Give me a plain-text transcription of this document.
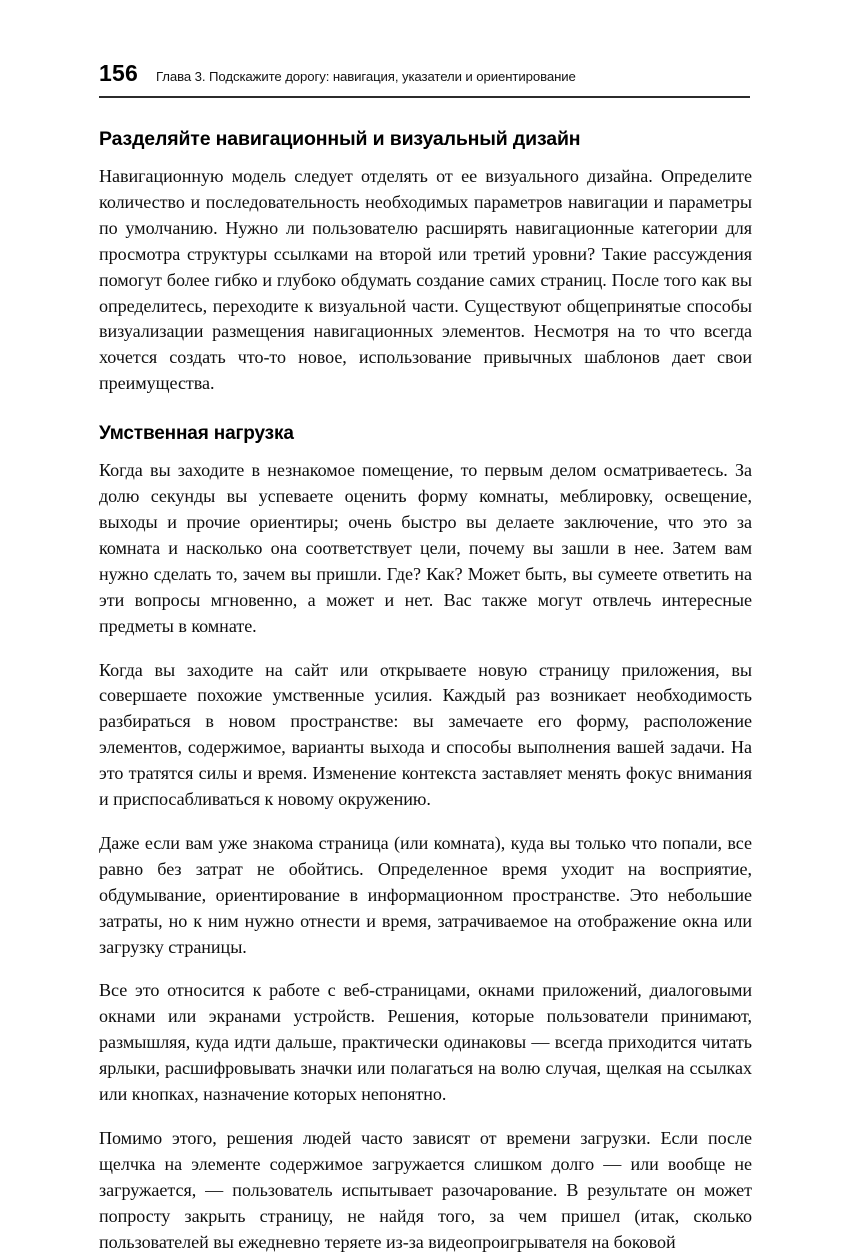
156 Глава 3. Подскажите дорогу: навигация, указатели и ориентирование
Разделяйте навигационный и визуальный дизайн

Навигационную модель следует отделять от ее визуального дизайна. Определите количество и последовательность необходимых параметров навигации и параметры по умолчанию. Нужно ли пользователю расширять навигационные категории для просмотра структуры ссылками на второй или третий уровни? Такие рассуждения помогут более гибко и глубоко обдумать создание самих страниц. После того как вы определитесь, переходите к визуальной части. Существуют общепринятые способы визуализации размещения навигационных элементов. Несмотря на то что всегда хочется создать что-то новое, использование привычных шаблонов дает свои преимущества.

Умственная нагрузка

Когда вы заходите в незнакомое помещение, то первым делом осматриваетесь. За долю секунды вы успеваете оценить форму комнаты, меблировку, освещение, выходы и прочие ориентиры; очень быстро вы делаете заключение, что это за комната и насколько она соответствует цели, почему вы зашли в нее. Затем вам нужно сделать то, зачем вы пришли. Где? Как? Может быть, вы сумеете ответить на эти вопросы мгновенно, а может и нет. Вас также могут отвлечь интересные предметы в комнате.

Когда вы заходите на сайт или открываете новую страницу приложения, вы совершаете похожие умственные усилия. Каждый раз возникает необходимость разбираться в новом пространстве: вы замечаете его форму, расположение элементов, содержимое, варианты выхода и способы выполнения вашей задачи. На это тратятся силы и время. Изменение контекста заставляет менять фокус внимания и приспосабливаться к новому окружению.

Даже если вам уже знакома страница (или комната), куда вы только что попали, все равно без затрат не обойтись. Определенное время уходит на восприятие, обдумывание, ориентирование в информационном пространстве. Это небольшие затраты, но к ним нужно отнести и время, затрачиваемое на отображение окна или загрузку страницы.

Все это относится к работе с веб-страницами, окнами приложений, диалоговыми окнами или экранами устройств. Решения, которые пользователи принимают, размышляя, куда идти дальше, практически одинаковы — всегда приходится читать ярлыки, расшифровывать значки или полагаться на волю случая, щелкая на ссылках или кнопках, назначение которых непонятно.

Помимо этого, решения людей часто зависят от времени загрузки. Если после щелчка на элементе содержимое загружается слишком долго — или вообще не загружается, — пользователь испытывает разочарование. В результате он может попросту закрыть страницу, не найдя того, за чем пришел (итак, сколько пользователей вы ежедневно теряете из-за видеопроигрывателя на боковой
